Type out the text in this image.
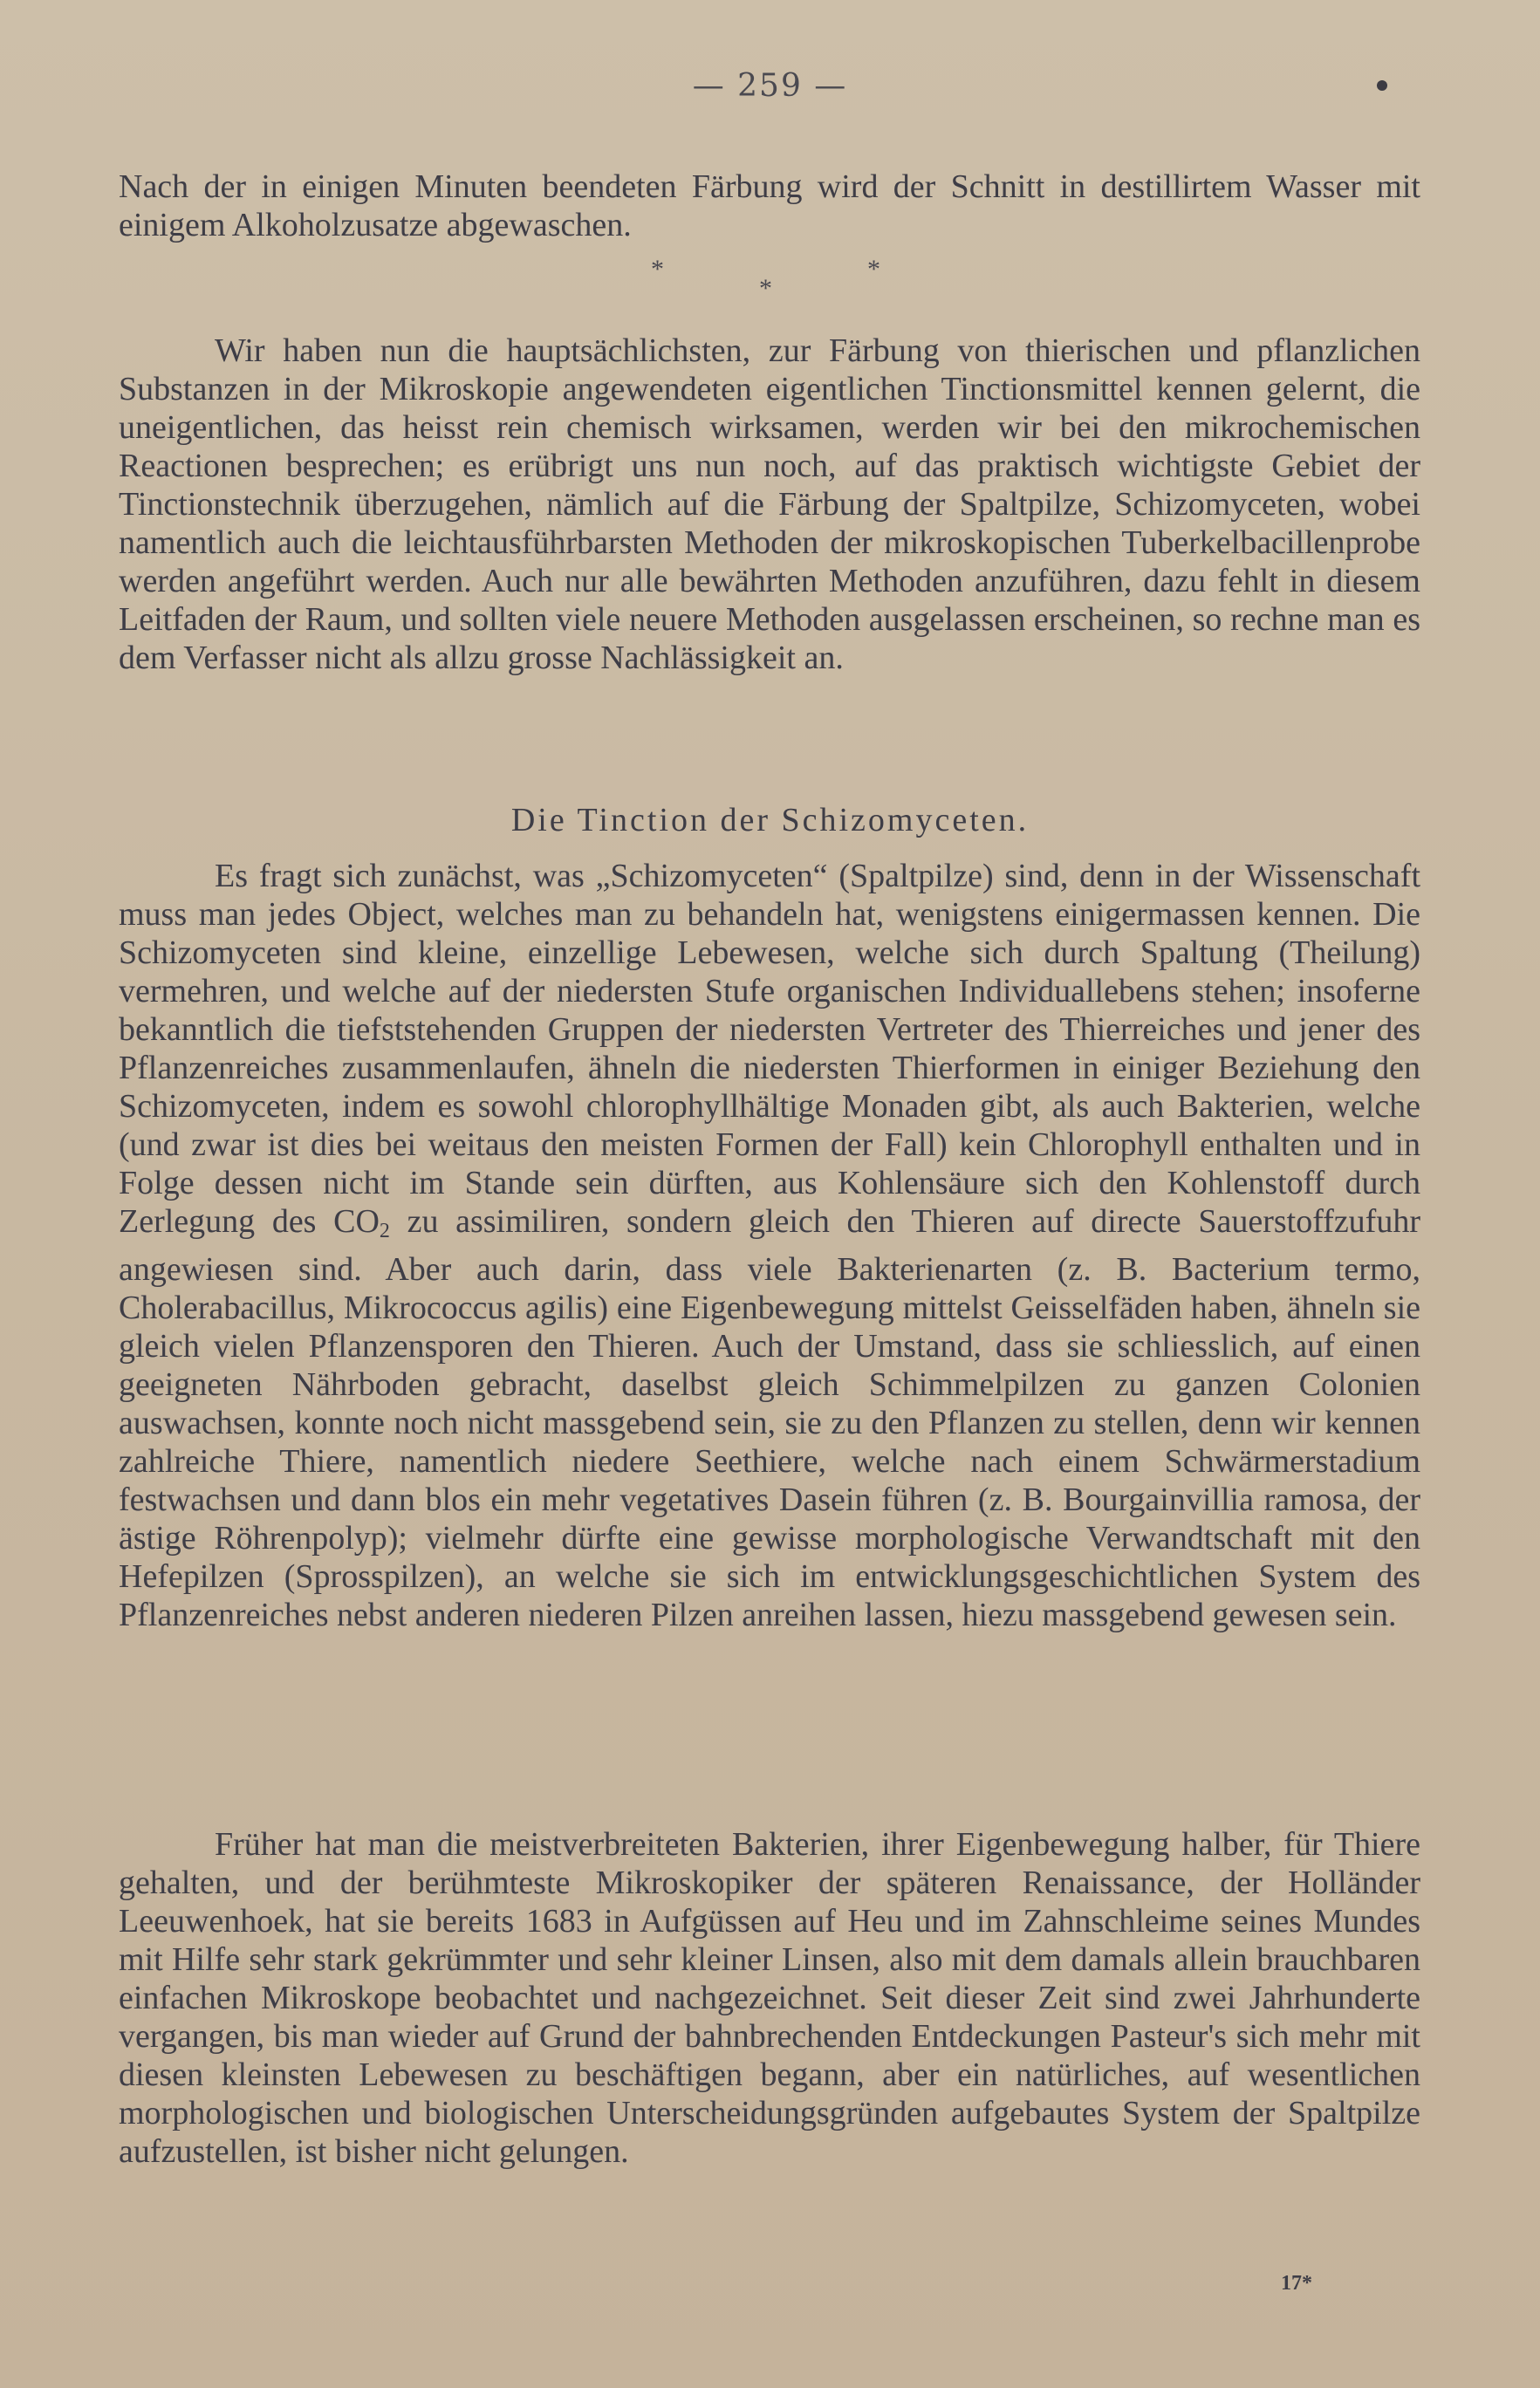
— 259 —

Nach der in einigen Minuten beendeten Färbung wird der Schnitt in destillirtem Wasser mit einigem Alkoholzusatze abgewaschen.

*
*
*

Wir haben nun die hauptsächlichsten, zur Färbung von thierischen und pflanzlichen Substanzen in der Mikroskopie angewendeten eigentlichen Tinctionsmittel kennen gelernt, die uneigentlichen, das heisst rein chemisch wirksamen, werden wir bei den mikrochemischen Reactionen besprechen; es erübrigt uns nun noch, auf das praktisch wichtigste Gebiet der Tinctionstechnik überzugehen, nämlich auf die Färbung der Spaltpilze, Schizomyceten, wobei namentlich auch die leichtausführbarsten Methoden der mikroskopischen Tuberkelbacillenprobe werden angeführt werden. Auch nur alle bewährten Methoden anzuführen, dazu fehlt in diesem Leitfaden der Raum, und sollten viele neuere Methoden ausgelassen erscheinen, so rechne man es dem Verfasser nicht als allzu grosse Nachlässigkeit an.

Die Tinction der Schizomyceten.

Es fragt sich zunächst, was „Schizomyceten“ (Spaltpilze) sind, denn in der Wissenschaft muss man jedes Object, welches man zu behandeln hat, wenigstens einigermassen kennen. Die Schizomyceten sind kleine, einzellige Lebewesen, welche sich durch Spaltung (Theilung) vermehren, und welche auf der niedersten Stufe organischen Individuallebens stehen; insoferne bekanntlich die tiefststehenden Gruppen der niedersten Vertreter des Thierreiches und jener des Pflanzenreiches zusammenlaufen, ähneln die niedersten Thierformen in einiger Beziehung den Schizomyceten, indem es sowohl chlorophyllhältige Monaden gibt, als auch Bakterien, welche (und zwar ist dies bei weitaus den meisten Formen der Fall) kein Chlorophyll enthalten und in Folge dessen nicht im Stande sein dürften, aus Kohlensäure sich den Kohlenstoff durch Zerlegung des $CO_2$ zu assimiliren, sondern gleich den Thieren auf directe Sauerstoffzufuhr angewiesen sind. Aber auch darin, dass viele Bakterienarten (z. B. Bacterium termo, Cholerabacillus, Mikrococcus agilis) eine Eigenbewegung mittelst Geisselfäden haben, ähneln sie gleich vielen Pflanzensporen den Thieren. Auch der Umstand, dass sie schliesslich, auf einen geeigneten Nährboden gebracht, daselbst gleich Schimmelpilzen zu ganzen Colonien auswachsen, konnte noch nicht massgebend sein, sie zu den Pflanzen zu stellen, denn wir kennen zahlreiche Thiere, namentlich niedere Seethiere, welche nach einem Schwärmerstadium festwachsen und dann blos ein mehr vegetatives Dasein führen (z. B. Bourgainvillia ramosa, der ästige Röhrenpolyp); vielmehr dürfte eine gewisse morphologische Verwandtschaft mit den Hefepilzen (Sprosspilzen), an welche sie sich im entwicklungsgeschichtlichen System des Pflanzenreiches nebst anderen niederen Pilzen anreihen lassen, hiezu massgebend gewesen sein.

Früher hat man die meistverbreiteten Bakterien, ihrer Eigenbewegung halber, für Thiere gehalten, und der berühmteste Mikroskopiker der späteren Renaissance, der Holländer Leeuwenhoek, hat sie bereits 1683 in Aufgüssen auf Heu und im Zahnschleime seines Mundes mit Hilfe sehr stark gekrümmter und sehr kleiner Linsen, also mit dem damals allein brauchbaren einfachen Mikroskope beobachtet und nachgezeichnet. Seit dieser Zeit sind zwei Jahrhunderte vergangen, bis man wieder auf Grund der bahnbrechenden Entdeckungen Pasteur's sich mehr mit diesen kleinsten Lebewesen zu beschäftigen begann, aber ein natürliches, auf wesentlichen morphologischen und biologischen Unterscheidungsgründen aufgebautes System der Spaltpilze aufzustellen, ist bisher nicht gelungen.

17*
